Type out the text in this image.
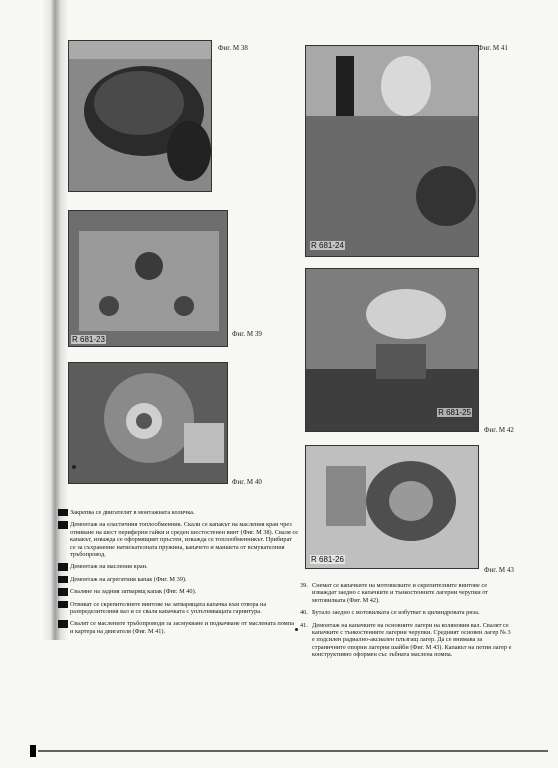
Фиг. М 38
R 681-23
Фиг. М 39
Фиг. М 40
R 681-24
Фиг. М 41
R 681-25
Фиг. М 42
R 681-26
Фиг. М 43

Закрепва се двигателят в монтажната количка.

Демонтаж на еластичния топлообменник. Скали се капакът на масления кран чрез отвиване на шест периферни гайки и среден шестостенен винт (Фиг. М 38). Сваля се капакът, изважда се оформящият пръстен, изважда се топлообменникът. Прибират се за съхранение натискателната пружина, капачето и маншета от всмукателния тръбопровод.

Демонтаж на масления кран.

Демонтаж на агрегатния капак (Фиг. М 39).

Сваляне на задния затварящ капак (Фиг. М 40).

Отвиват се скрепителните винтове на затварящата капачка към отвора на разпределителния вал и се сваля капачката с уплътняващата гарнитура.

Свалят се маслените тръбопроводи за засмукване и подкачване от маслената помпа и картера на двигателя (Фиг. М 41).
39. Снемат се капачките на мотовилките и скрепителните винтове се изваждат заедно с капачките и тънкостенните лагерни черупки от мотовилката (Фиг. М 42).
40. Бутало заедно с мотовилката се избутват в цилиндровата риза.
41. Демонтаж на капачките на основните лагери на коляновия вал. Свалят се капачките с тънкостенните лагерни черупки. Средният основен лагер № 3 е подсилен радиално-аксиален плъзгащ лагер. Да се внимава за страничните опорни лагерни шайби (Фиг. М 43). Капакът на петия лагер е конструктивно оформен със зъбната маслена помпа.
